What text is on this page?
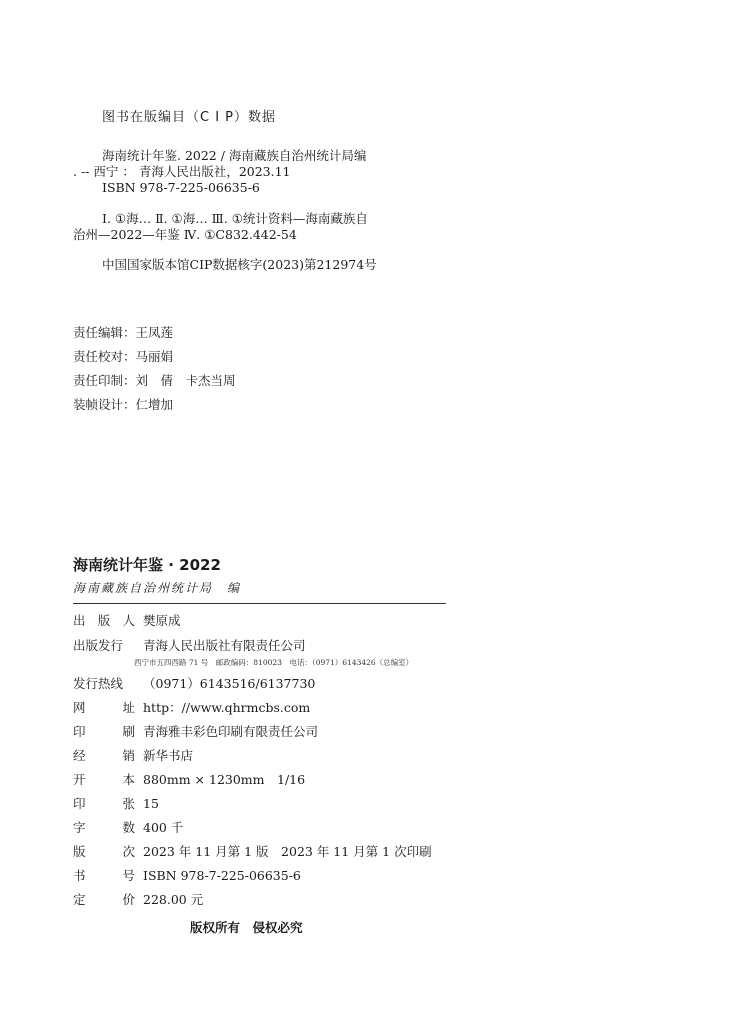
图书在版编目（C I P）数据
海南统计年鉴. 2022 / 海南藏族自治州统计局编
. -- 西宁 ： 青海人民出版社，2023.11
ISBN 978-7-225-06635-6
Ⅰ. ①海… Ⅱ. ①海… Ⅲ. ①统计资料—海南藏族自
治州—2022—年鉴 Ⅳ. ①C832.442-54
中国国家版本馆CIP数据核字(2023)第212974号
责任编辑：王凤莲
责任校对：马丽娟
责任印制：刘　倩　卡杰当周
装帧设计：仁增加
海南统计年鉴 · 2022
海南藏族自治州统计局　编
出 版 人 樊原成
出版发行 青海人民出版社有限责任公司
发行热线 （0971）6143516/6137730
网	址 http：//www.qhrmcbs.com
印	刷 青海雅丰彩色印刷有限责任公司
经	销 新华书店
开	本 880mm × 1230mm　1/16
印	张 15
字	数 400 千
版	次 2023 年 11 月第 1 版　2023 年 11 月第 1 次印刷
书	号 ISBN 978-7-225-06635-6
定	价 228.00 元
西宁市五四西路 71 号　邮政编码：810023　电话：（0971）6143426（总编室）
版权所有　侵权必究
